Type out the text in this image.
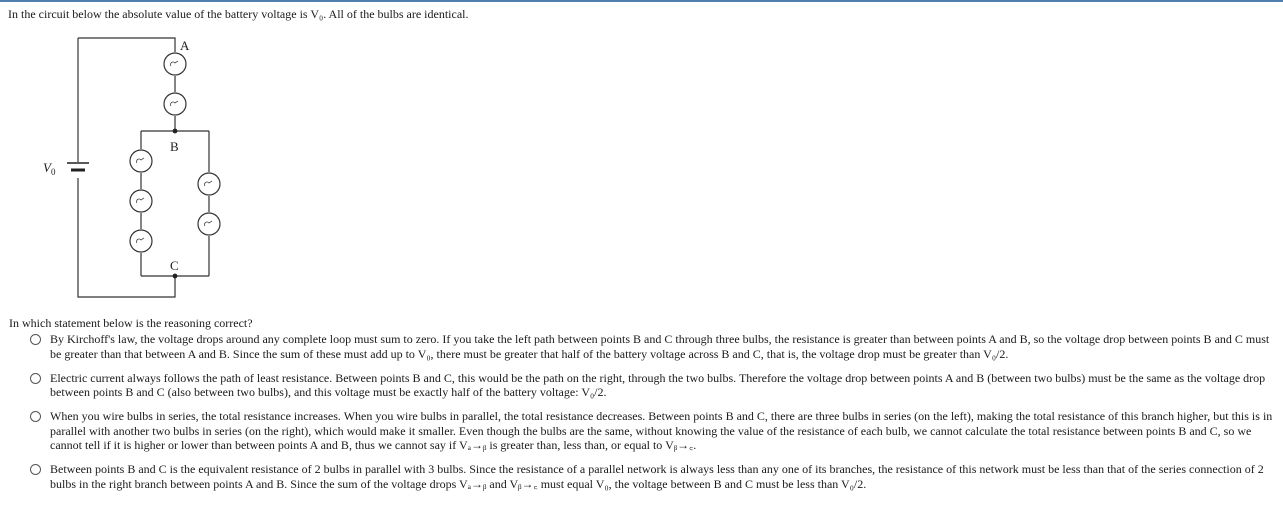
In the circuit below the absolute value of the battery voltage is V₀. All of the bulbs are identical.
A
B
C
$V_0$
In which statement below is the reasoning correct?
By Kirchoff's law, the voltage drops around any complete loop must sum to zero. If you take the left path between points B and C through three bulbs, the resistance is greater than between points A and B, so the voltage drop between points B and C must be greater than that between A and B. Since the sum of these must add up to V₀, there must be greater that half of the battery voltage across B and C, that is, the voltage drop must be greater than V₀/2.
Electric current always follows the path of least resistance. Between points B and C, this would be the path on the right, through the two bulbs. Therefore the voltage drop between points A and B (between two bulbs) must be the same as the voltage drop between points B and C (also between two bulbs), and this voltage must be exactly half of the battery voltage: V₀/2.
When you wire bulbs in series, the total resistance increases. When you wire bulbs in parallel, the total resistance decreases. Between points B and C, there are three bulbs in series (on the left), making the total resistance of this branch higher, but this is in parallel with another two bulbs in series (on the right), which would make it smaller. Even though the bulbs are the same, without knowing the value of the resistance of each bulb, we cannot calculate the total resistance between points B and C, so we cannot tell if it is higher or lower than between points A and B, thus we cannot say if Vₐ→ᵦ is greater than, less than, or equal to Vᵦ→꜀.
Between points B and C is the equivalent resistance of 2 bulbs in parallel with 3 bulbs. Since the resistance of a parallel network is always less than any one of its branches, the resistance of this network must be less than that of the series connection of 2 bulbs in the right branch between points A and B. Since the sum of the voltage drops Vₐ→ᵦ and Vᵦ→꜀ must equal V₀, the voltage between B and C must be less than V₀/2.
